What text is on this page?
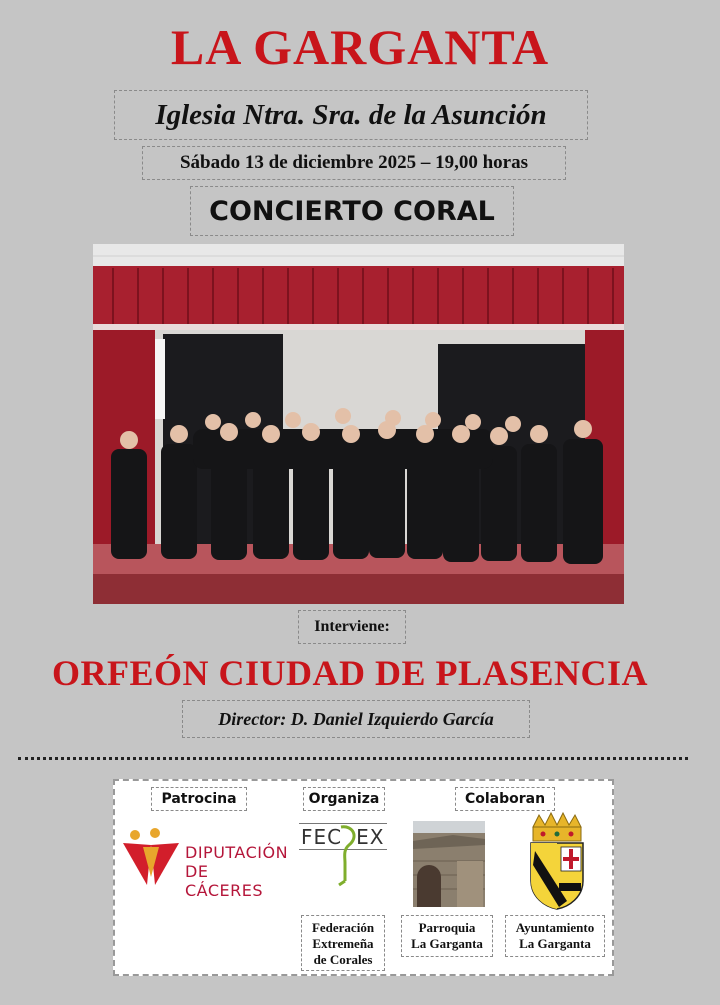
LA GARGANTA
Iglesia Ntra. Sra. de la Asunción
Sábado 13 de diciembre 2025 – 19,00 horas
CONCIERTO CORAL
Interviene:
ORFEÓN CIUDAD DE PLASENCIA
Director: D. Daniel Izquierdo García
Patrocina	Organiza	Colaboran
DIPUTACIÓN
DE CÁCERES
FEC EX
Federación
Extremeña
de Corales
Parroquia
La Garganta
Ayuntamiento
La Garganta
